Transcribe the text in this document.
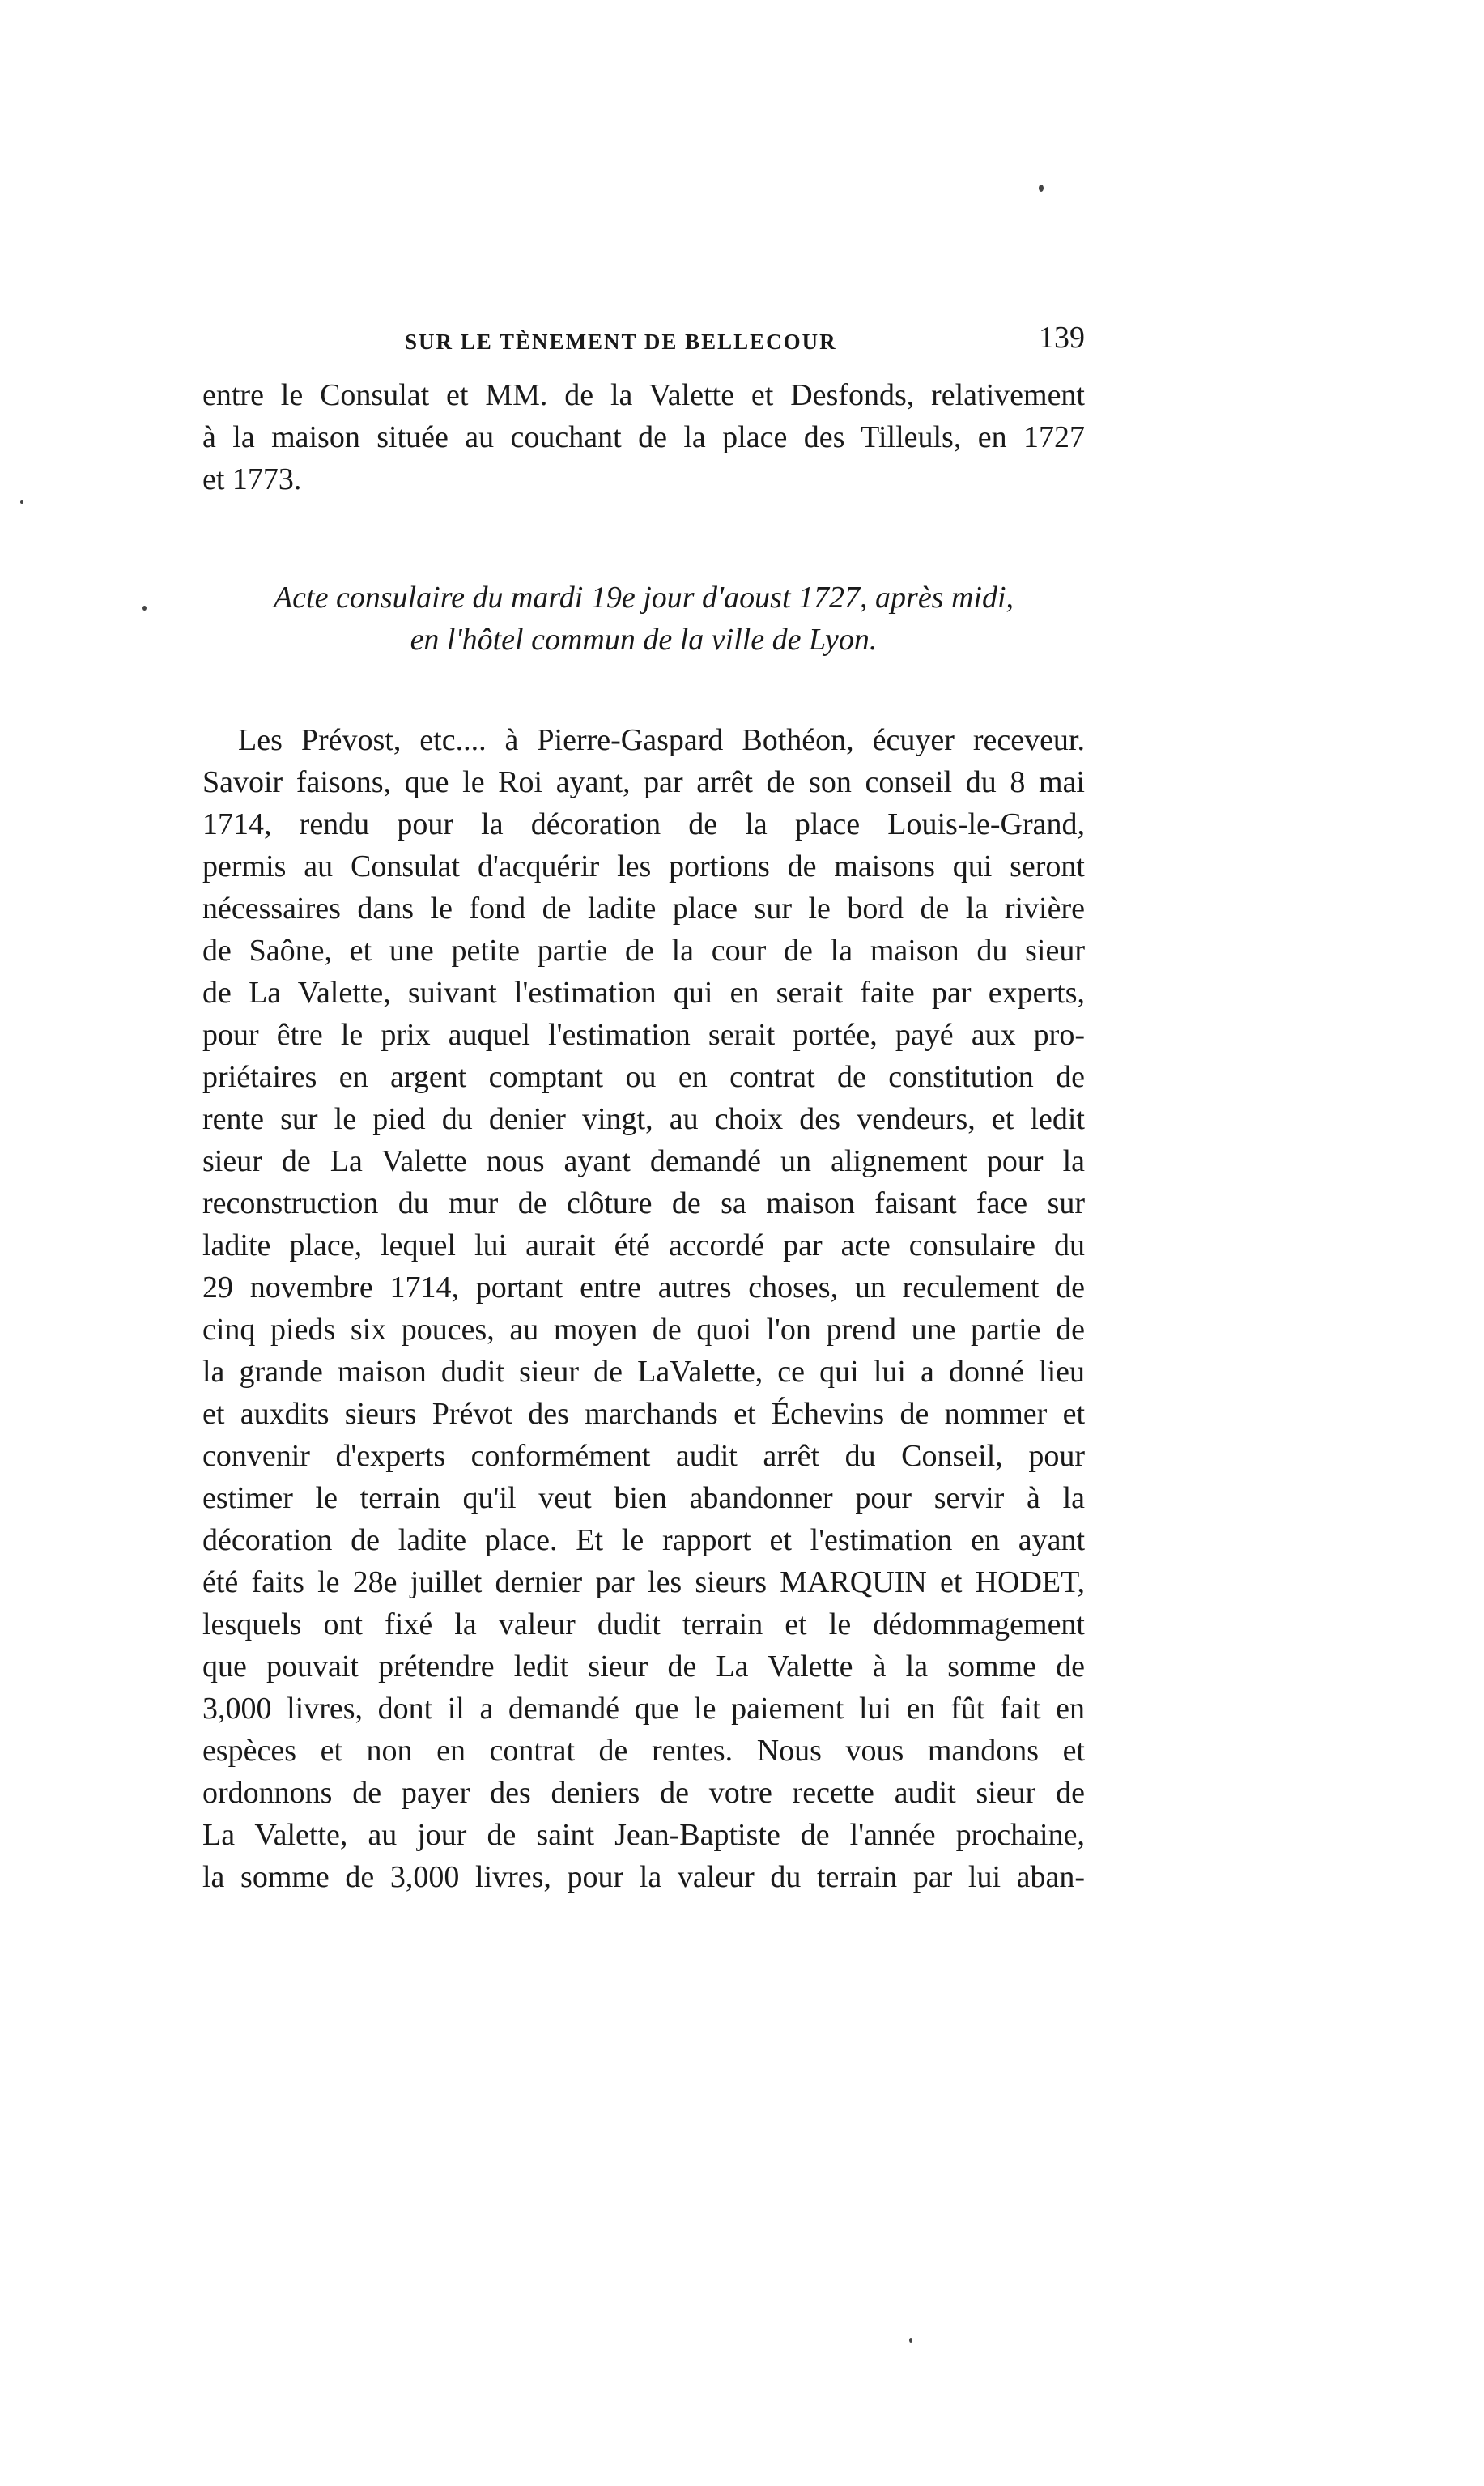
SUR LE TÈNEMENT DE BELLECOUR	139
entre le Consulat et MM. de la Valette et Desfonds, relativement
à la maison située au couchant de la place des Tilleuls, en 1727
et 1773.
Acte consulaire du mardi 19e jour d'aoust 1727, après midi,
en l'hôtel commun de la ville de Lyon.
Les Prévost, etc.... à Pierre-Gaspard Bothéon, écuyer receveur.
Savoir faisons, que le Roi ayant, par arrêt de son conseil du 8 mai
1714, rendu pour la décoration de la place Louis-le-Grand,
permis au Consulat d'acquérir les portions de maisons qui seront
nécessaires dans le fond de ladite place sur le bord de la rivière
de Saône, et une petite partie de la cour de la maison du sieur
de La Valette, suivant l'estimation qui en serait faite par experts,
pour être le prix auquel l'estimation serait portée, payé aux pro-
priétaires en argent comptant ou en contrat de constitution de
rente sur le pied du denier vingt, au choix des vendeurs, et ledit
sieur de La Valette nous ayant demandé un alignement pour la
reconstruction du mur de clôture de sa maison faisant face sur
ladite place, lequel lui aurait été accordé par acte consulaire du
29 novembre 1714, portant entre autres choses, un reculement de
cinq pieds six pouces, au moyen de quoi l'on prend une partie de
la grande maison dudit sieur de LaValette, ce qui lui a donné lieu
et auxdits sieurs Prévot des marchands et Échevins de nommer et
convenir d'experts conformément audit arrêt du Conseil, pour
estimer le terrain qu'il veut bien abandonner pour servir à la
décoration de ladite place. Et le rapport et l'estimation en ayant
été faits le 28e juillet dernier par les sieurs MARQUIN et HODET,
lesquels ont fixé la valeur dudit terrain et le dédommagement
que pouvait prétendre ledit sieur de La Valette à la somme de
3,000 livres, dont il a demandé que le paiement lui en fût fait en
espèces et non en contrat de rentes. Nous vous mandons et
ordonnons de payer des deniers de votre recette audit sieur de
La Valette, au jour de saint Jean-Baptiste de l'année prochaine,
la somme de 3,000 livres, pour la valeur du terrain par lui aban-
